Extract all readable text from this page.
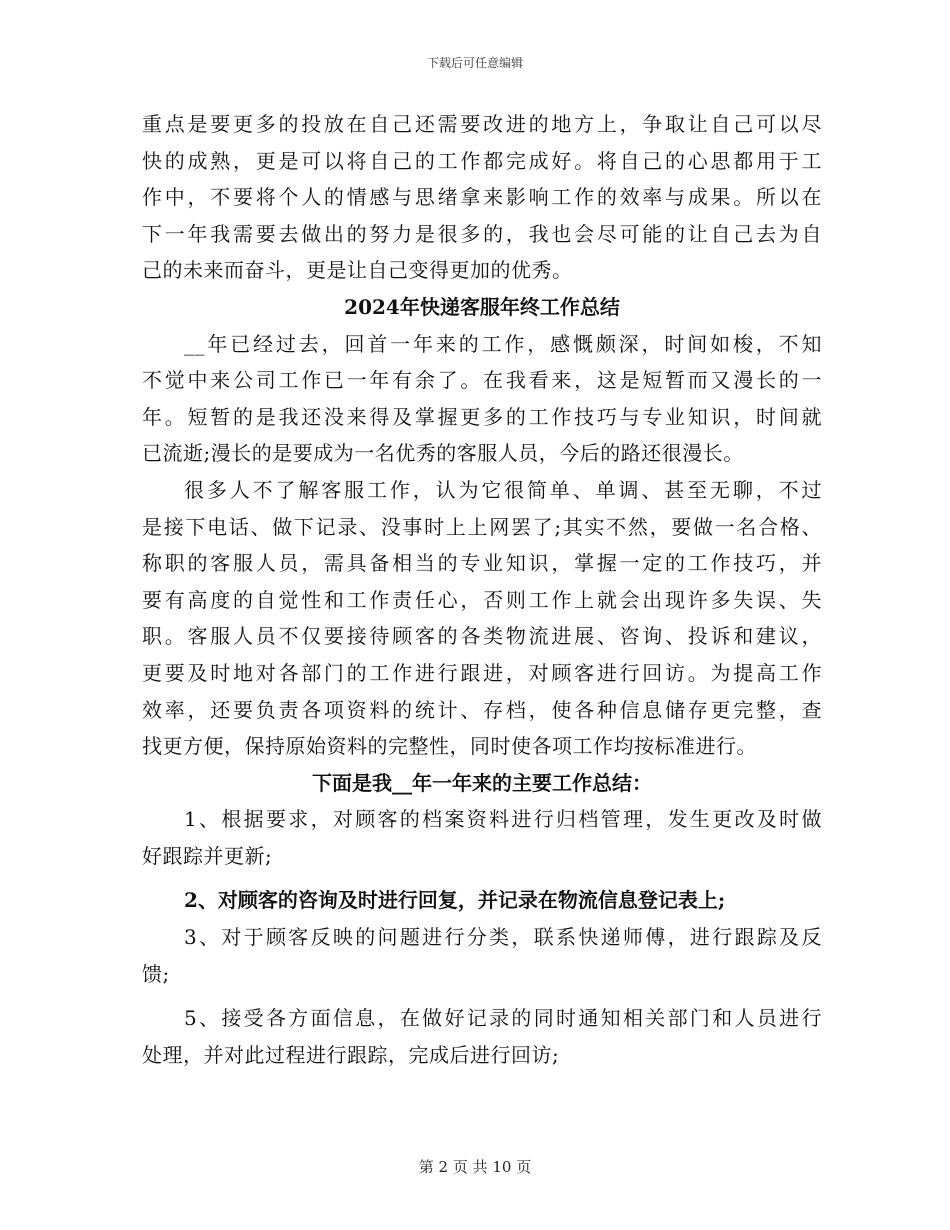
下载后可任意编辑
重点是要更多的投放在自己还需要改进的地方上，争取让自己可以尽
快的成熟，更是可以将自己的工作都完成好。将自己的心思都用于工
作中，不要将个人的情感与思绪拿来影响工作的效率与成果。所以在
下一年我需要去做出的努力是很多的，我也会尽可能的让自己去为自
己的未来而奋斗，更是让自己变得更加的优秀。
2024年快递客服年终工作总结
__年已经过去，回首一年来的工作，感慨颇深，时间如梭，不知
不觉中来公司工作已一年有余了。在我看来，这是短暂而又漫长的一
年。短暂的是我还没来得及掌握更多的工作技巧与专业知识，时间就
已流逝;漫长的是要成为一名优秀的客服人员，今后的路还很漫长。
很多人不了解客服工作，认为它很简单、单调、甚至无聊，不过
是接下电话、做下记录、没事时上上网罢了;其实不然，要做一名合格、
称职的客服人员，需具备相当的专业知识，掌握一定的工作技巧，并
要有高度的自觉性和工作责任心，否则工作上就会出现许多失误、失
职。客服人员不仅要接待顾客的各类物流进展、咨询、投诉和建议，
更要及时地对各部门的工作进行跟进，对顾客进行回访。为提高工作
效率，还要负责各项资料的统计、存档，使各种信息储存更完整，查
找更方便，保持原始资料的完整性，同时使各项工作均按标准进行。
下面是我__年一年来的主要工作总结：
1、根据要求，对顾客的档案资料进行归档管理，发生更改及时做
好跟踪并更新;
2、对顾客的咨询及时进行回复，并记录在物流信息登记表上;
3、对于顾客反映的问题进行分类，联系快递师傅，进行跟踪及反
馈;
5、接受各方面信息，在做好记录的同时通知相关部门和人员进行
处理，并对此过程进行跟踪，完成后进行回访;
第 2 页 共 10 页
